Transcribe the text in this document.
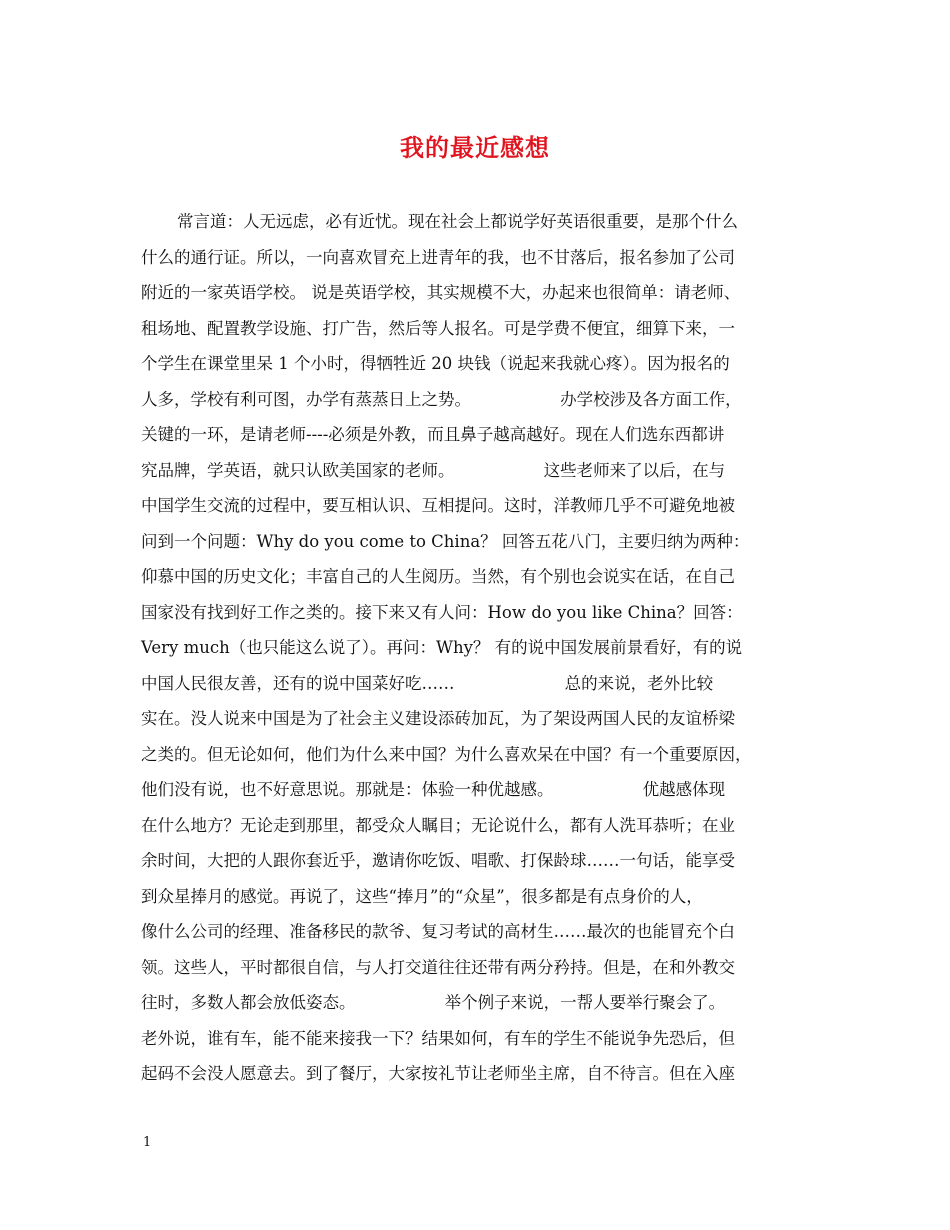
我的最近感想
常言道：人无远虑，必有近忧。现在社会上都说学好英语很重要，是那个什么
什么的通行证。所以，一向喜欢冒充上进青年的我，也不甘落后，报名参加了公司
附近的一家英语学校。 说是英语学校，其实规模不大，办起来也很简单：请老师、
租场地、配置教学设施、打广告，然后等人报名。可是学费不便宜，细算下来，一
个学生在课堂里呆 1 个小时，得牺牲近 20 块钱（说起来我就心疼）。因为报名的
人多，学校有利可图，办学有蒸蒸日上之势。                 办学校涉及各方面工作，
关键的一环，是请老师----必须是外教，而且鼻子越高越好。现在人们选东西都讲
究品牌，学英语，就只认欧美国家的老师。                 这些老师来了以后，在与
中国学生交流的过程中，要互相认识、互相提问。这时，洋教师几乎不可避免地被
问到一个问题：Why do you come to China？ 回答五花八门，主要归纳为两种：
仰慕中国的历史文化；丰富自己的人生阅历。当然，有个别也会说实在话，在自己
国家没有找到好工作之类的。接下来又有人问：How do you like China？回答：
Very much（也只能这么说了）。再问：Why？ 有的说中国发展前景看好，有的说
中国人民很友善，还有的说中国菜好吃……                     总的来说，老外比较
实在。没人说来中国是为了社会主义建设添砖加瓦，为了架设两国人民的友谊桥梁
之类的。但无论如何，他们为什么来中国？为什么喜欢呆在中国？有一个重要原因，
他们没有说，也不好意思说。那就是：体验一种优越感。                 优越感体现
在什么地方？无论走到那里，都受众人瞩目；无论说什么，都有人洗耳恭听；在业
余时间，大把的人跟你套近乎，邀请你吃饭、唱歌、打保龄球……一句话，能享受
到众星捧月的感觉。再说了，这些“捧月”的“众星”，很多都是有点身价的人，
像什么公司的经理、准备移民的款爷、复习考试的高材生……最次的也能冒充个白
领。这些人，平时都很自信，与人打交道往往还带有两分矜持。但是，在和外教交
往时，多数人都会放低姿态。                 举个例子来说，一帮人要举行聚会了。
老外说，谁有车，能不能来接我一下？结果如何，有车的学生不能说争先恐后，但
起码不会没人愿意去。到了餐厅，大家按礼节让老师坐主席，自不待言。但在入座
1
